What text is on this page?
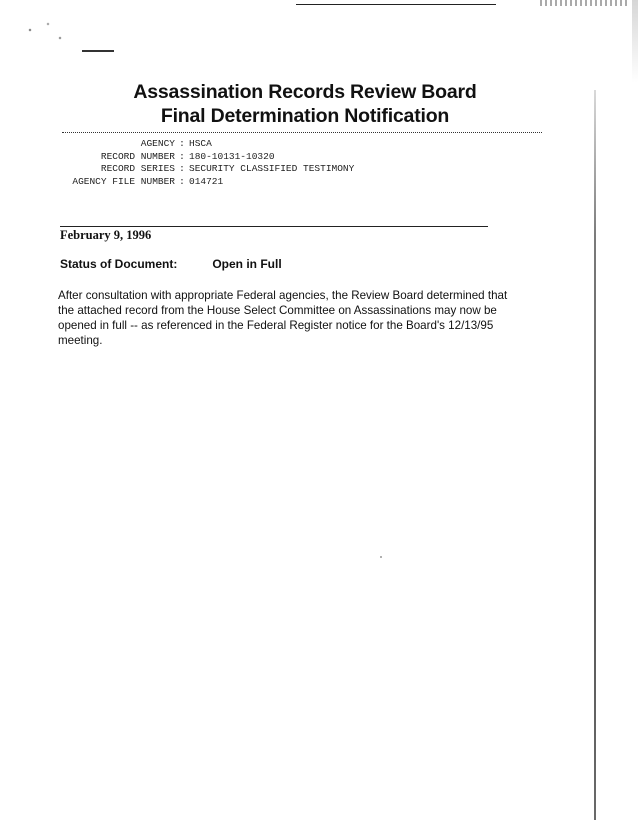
Assassination Records Review Board
Final Determination Notification
AGENCY : HSCA
RECORD NUMBER : 180-10131-10320
RECORD SERIES : SECURITY CLASSIFIED TESTIMONY
AGENCY FILE NUMBER : 014721
February 9, 1996
Status of Document:	Open in Full
After consultation with appropriate Federal agencies, the Review Board determined that
the attached record from the House Select Committee on Assassinations may now be
opened in full -- as referenced in the Federal Register notice for the Board's 12/13/95
meeting.
